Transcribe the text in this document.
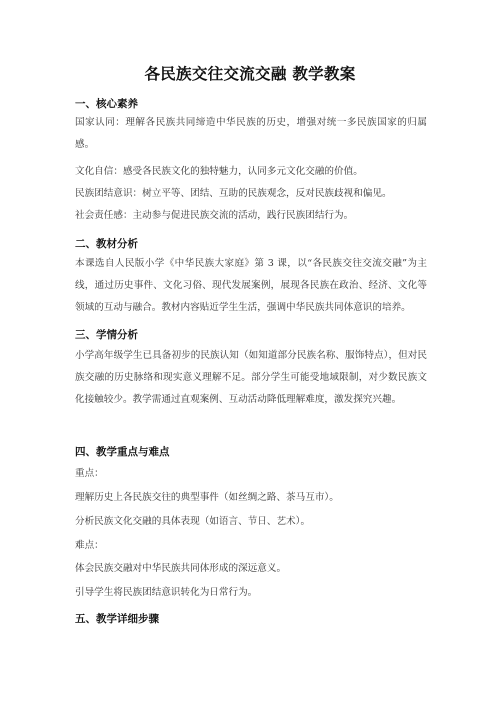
各民族交往交流交融 教学教案
一、核心素养
国家认同：理解各民族共同缔造中华民族的历史，增强对统一多民族国家的归属感。
文化自信：感受各民族文化的独特魅力，认同多元文化交融的价值。
民族团结意识：树立平等、团结、互助的民族观念，反对民族歧视和偏见。
社会责任感：主动参与促进民族交流的活动，践行民族团结行为。
二、教材分析
本课选自人民版小学《中华民族大家庭》第 3 课，以“各民族交往交流交融”为主线，通过历史事件、文化习俗、现代发展案例，展现各民族在政治、经济、文化等领域的互动与融合。教材内容贴近学生生活，强调中华民族共同体意识的培养。
三、学情分析
小学高年级学生已具备初步的民族认知（如知道部分民族名称、服饰特点），但对民族交融的历史脉络和现实意义理解不足。部分学生可能受地域限制，对少数民族文化接触较少。教学需通过直观案例、互动活动降低理解难度，激发探究兴趣。
四、教学重点与难点
重点：
理解历史上各民族交往的典型事件（如丝绸之路、茶马互市）。
分析民族文化交融的具体表现（如语言、节日、艺术）。
难点：
体会民族交融对中华民族共同体形成的深远意义。
引导学生将民族团结意识转化为日常行为。
五、教学详细步骤
